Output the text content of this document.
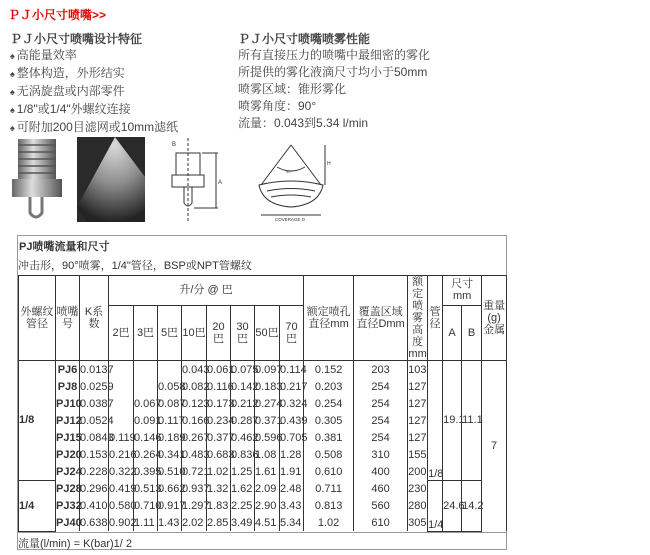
ＰＪ小尺寸喷嘴>>
ＰＪ小尺寸喷嘴设计特征
♠ 高能量效率
♠ 整体构造，外形结实
♠ 无涡旋盘或内部零件
♠ 1/8"或1/4"外螺纹连接
♠ 可附加200目滤网或10mm滤纸
ＰＪ小尺寸喷嘴喷雾性能
所有直接压力的喷嘴中最细密的雾化
所提供的雾化液滴尺寸均小于50mm
喷雾区域：锥形雾化
喷雾角度：90°
流量：0.043到5.34 l/min
A
B
H
90°
COVERAGE D
PJ喷嘴流量和尺寸
冲击形，90°喷雾，1/4"管径，BSP或NPT管螺纹
外螺纹管径	喷嘴号	K系数	升/分 @ 巴								额定喷孔直径mm	覆盖区域直径Dmm	额定喷雾高度mm	管径	尺寸mm		重量(g)金属
			2巴	3巴	5巴	10巴	20巴	30巴	50巴	70巴					A	B	
1/8	PJ6	0.0137				0.043	0.061	0.075	0.097	0.114	0.152	203	103	1/8	19.1	11.1	7
	PJ8	0.0259			0.058	0.082	0.116	0.142	0.183	0.217	0.203	254	127				
	PJ10	0.0387		0.067	0.087	0.123	0.173	0.212	0.274	0.324	0.254	254	127				
	PJ12	0.0524		0.091	0.117	0.166	0.234	0.287	0.371	0.439	0.305	254	127				
	PJ15	0.0843	0.119	0.146	0.189	0.267	0.377	0.462	0.596	0.705	0.381	254	127				
	PJ20	0.153	0.216	0.264	0.341	0.483	0.683	0.836	1.08	1.28	0.508	310	155				
	PJ24	0.228	0.322	0.395	0.510	0.721	1.02	1.25	1.61	1.91	0.610	400	200				
1/4	PJ28	0.296	0.419	0.513	0.662	0.937	1.32	1.62	2.09	2.48	0.711	460	230	1/4	24.6	14.2	
	PJ32	0.410	0.580	0.710	0.917	1.297	1.83	2.25	2.90	3.43	0.813	560	280				
	PJ40	0.638	0.902	1.11	1.43	2.02	2.85	3.49	4.51	5.34	1.02	610	305				
流量(l/min) = K(bar)1/ 2
